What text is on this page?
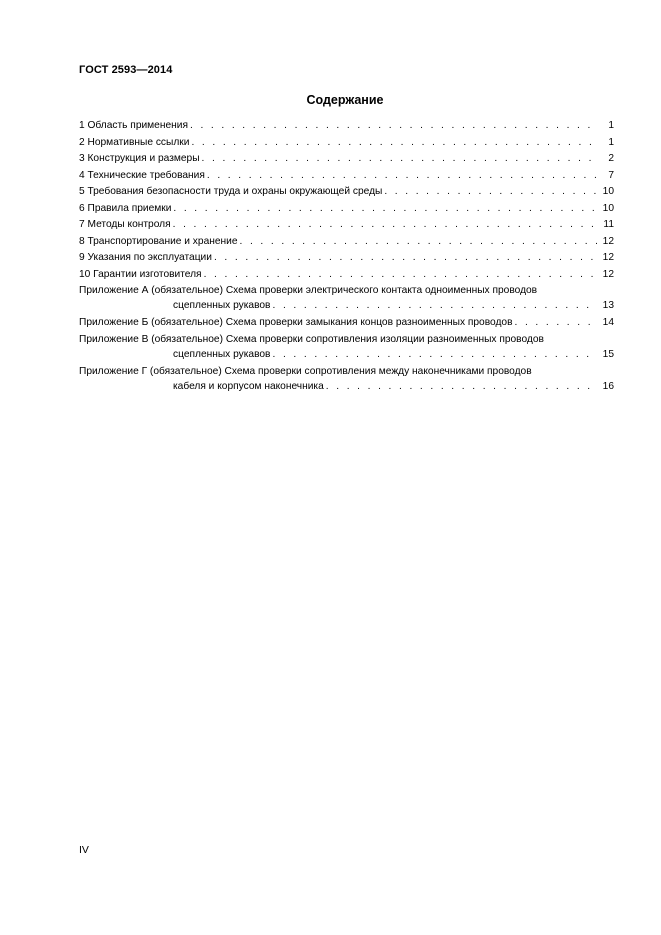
ГОСТ 2593—2014
Содержание
1 Область применения . . .	1
2 Нормативные ссылки . . .	1
3 Конструкция и размеры . . .	2
4 Технические требования . . .	7
5 Требования безопасности труда и охраны окружающей среды . . .	10
6 Правила приемки . . .	10
7 Методы контроля . . .	11
8 Транспортирование и хранение . . .	12
9 Указания по эксплуатации . . .	12
10 Гарантии изготовителя . . .	12
Приложение А (обязательное) Схема проверки электрического контакта одноименных проводов
сцепленных рукавов . . .	13
Приложение Б (обязательное) Схема проверки замыкания концов разноименных проводов . . .	14
Приложение В (обязательное) Схема проверки сопротивления изоляции разноименных проводов
сцепленных рукавов . . .	15
Приложение Г (обязательное) Схема проверки сопротивления между наконечниками проводов
кабеля и корпусом наконечника . . .	16
IV
